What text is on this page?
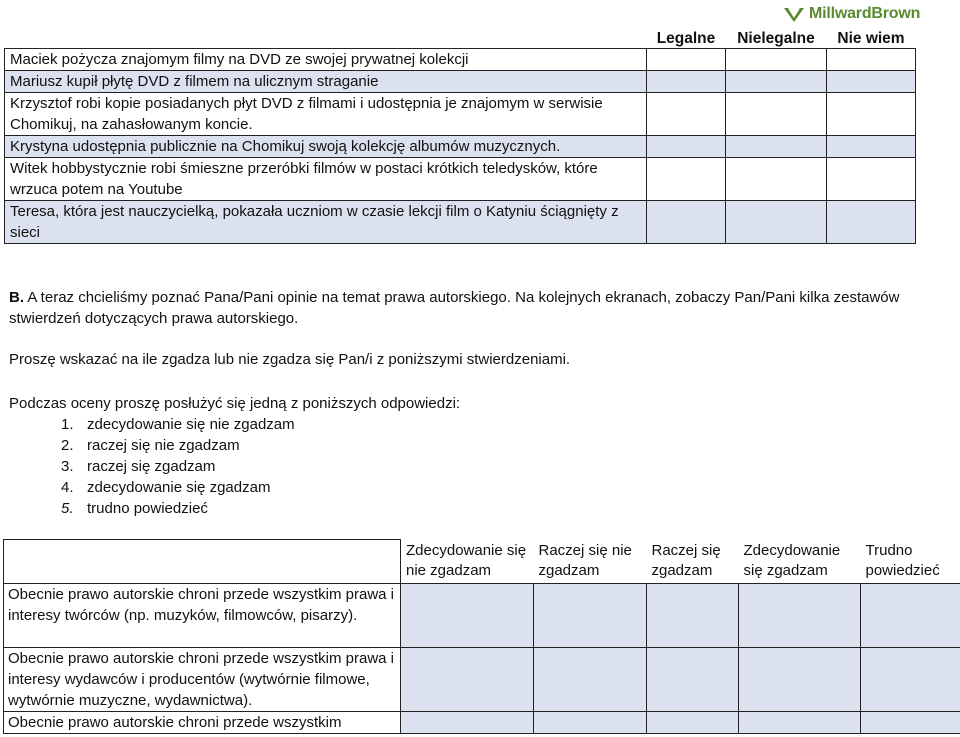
MillwardBrown
	Legalne	Nielegalne	Nie wiem
Maciek pożycza znajomym filmy na DVD ze swojej prywatnej kolekcji			
Mariusz kupił płytę DVD z filmem na ulicznym straganie			
Krzysztof robi kopie posiadanych płyt DVD z filmami i udostępnia je znajomym w serwisie Chomikuj, na zahasłowanym koncie.			
Krystyna udostępnia publicznie na Chomikuj swoją kolekcję albumów muzycznych.			
Witek hobbystycznie robi śmieszne przeróbki filmów w postaci krótkich teledysków, które wrzuca potem na Youtube			
Teresa, która jest nauczycielką, pokazała uczniom w czasie lekcji film o Katyniu ściągnięty z sieci			

B. A teraz chcieliśmy poznać Pana/Pani opinie na temat prawa autorskiego. Na kolejnych ekranach, zobaczy Pan/Pani kilka zestawów stwierdzeń dotyczących prawa autorskiego.

Proszę wskazać na ile zgadza lub nie zgadza się Pan/i z poniższymi stwierdzeniami.
Podczas oceny proszę posłużyć się jedną z poniższych odpowiedzi:
1. zdecydowanie się nie zgadzam
2. raczej się nie zgadzam
3. raczej się zgadzam
4. zdecydowanie się zgadzam
5. trudno powiedzieć
	Zdecydowanie się nie zgadzam	Raczej się nie zgadzam	Raczej się zgadzam	Zdecydowanie się zgadzam	Trudno powiedzieć
Obecnie prawo autorskie chroni przede wszystkim prawa i interesy twórców (np. muzyków, filmowców, pisarzy).					
Obecnie prawo autorskie chroni przede wszystkim prawa i interesy wydawców i producentów (wytwórnie filmowe, wytwórnie muzyczne, wydawnictwa).					
Obecnie prawo autorskie chroni przede wszystkim					
